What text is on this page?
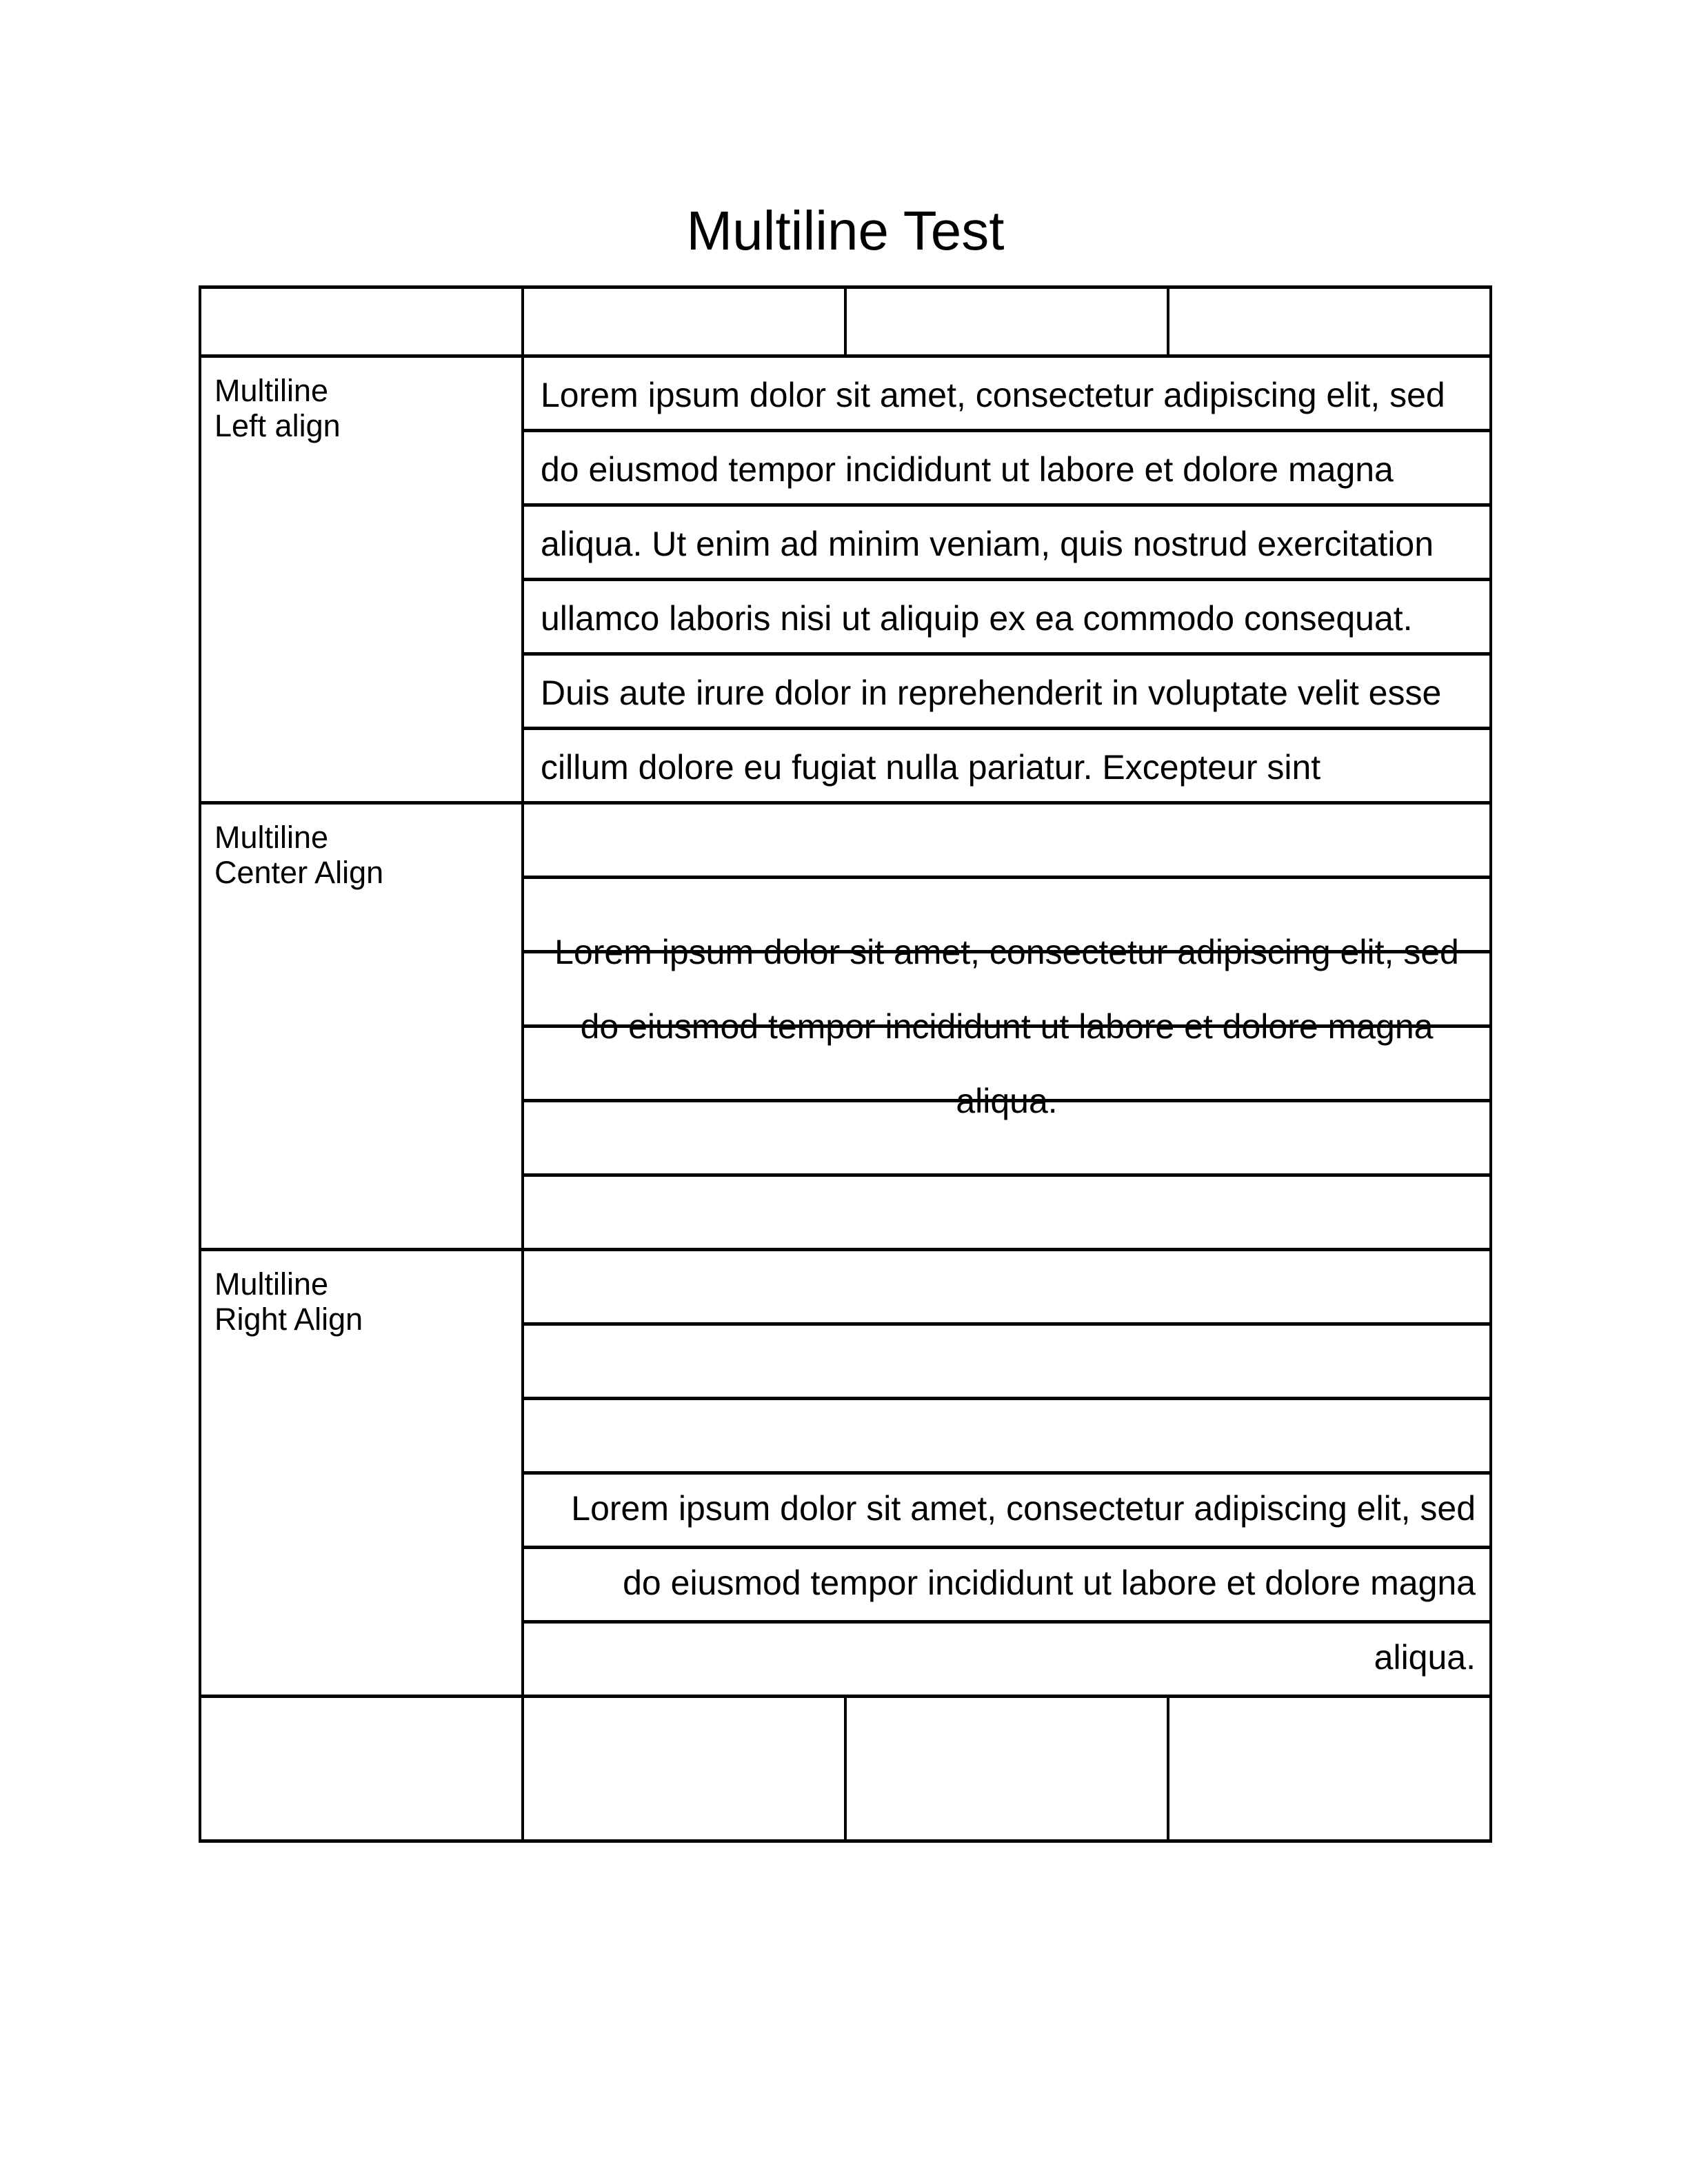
Multiline Test
Multiline
Left align
Lorem ipsum dolor sit amet, consectetur adipiscing elit, sed
do eiusmod tempor incididunt ut labore et dolore magna
aliqua. Ut enim ad minim veniam, quis nostrud exercitation
ullamco laboris nisi ut aliquip ex ea commodo consequat.
Duis aute irure dolor in reprehenderit in voluptate velit esse
cillum dolore eu fugiat nulla pariatur. Excepteur sint
Multiline
Center Align
Lorem ipsum dolor sit amet, consectetur adipiscing elit, sed
do eiusmod tempor incididunt ut labore et dolore magna
aliqua.
Multiline
Right Align
Lorem ipsum dolor sit amet, consectetur adipiscing elit, sed
do eiusmod tempor incididunt ut labore et dolore magna
aliqua.
